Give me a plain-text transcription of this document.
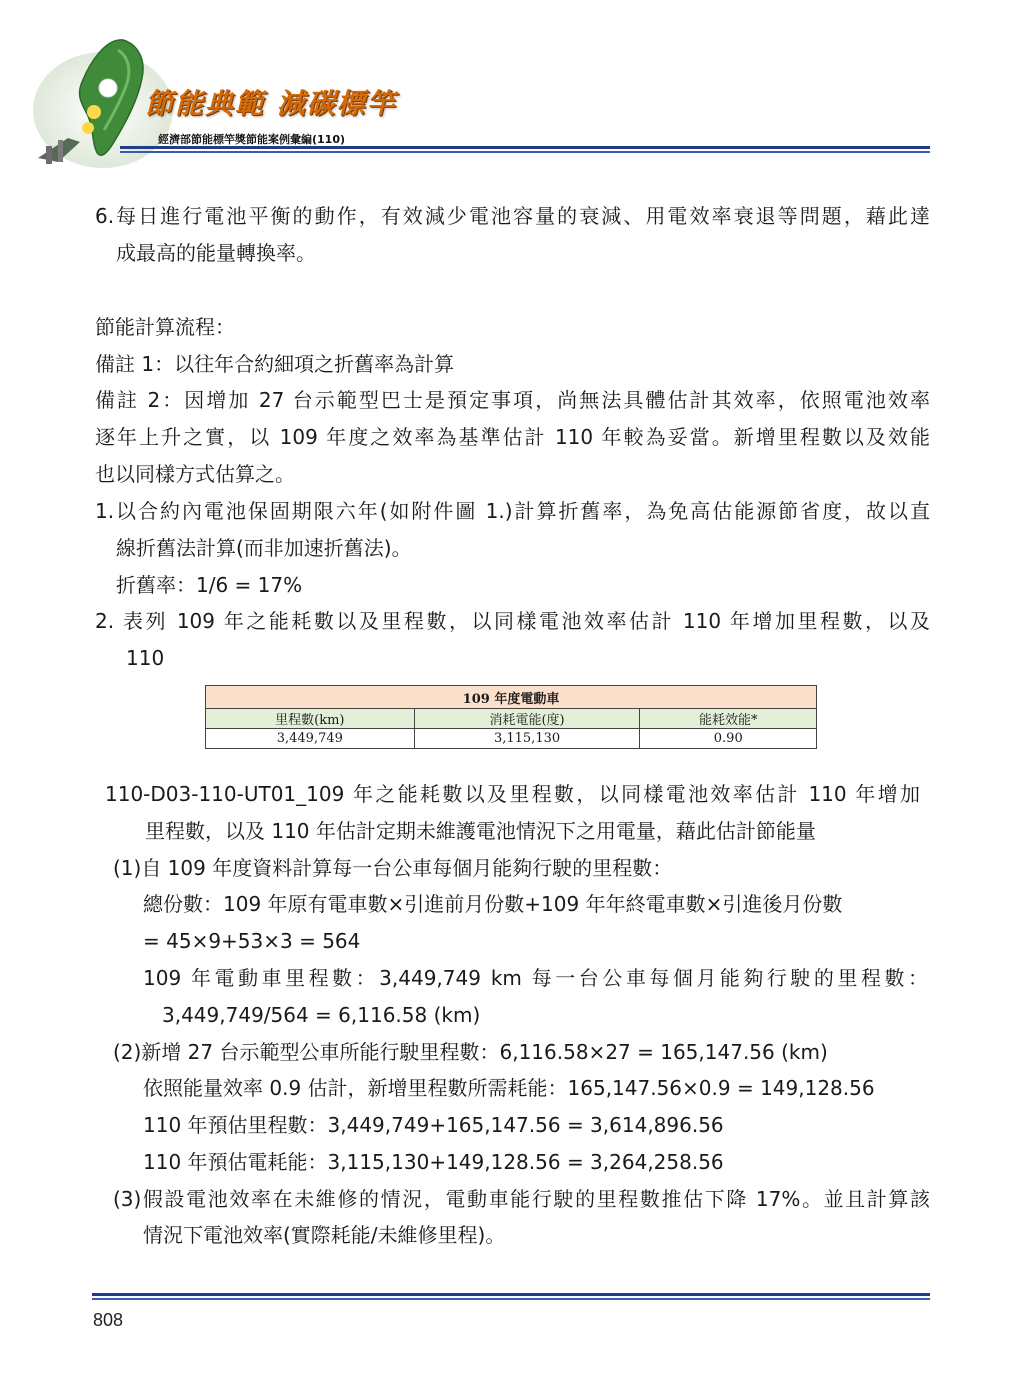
節能典範 減碳標竿
經濟部節能標竿獎節能案例彙編(110)
6.每日進行電池平衡的動作，有效減少電池容量的衰減、用電效率衰退等問題，藉此達
成最高的能量轉換率。
節能計算流程：
備註 1：以往年合約細項之折舊率為計算
備註 2：因增加 27 台示範型巴士是預定事項，尚無法具體估計其效率，依照電池效率
逐年上升之實，以 109 年度之效率為基準估計 110 年較為妥當。新增里程數以及效能
也以同樣方式估算之。
1.以合約內電池保固期限六年(如附件圖 1.)計算折舊率，為免高估能源節省度，故以直
線折舊法計算(而非加速折舊法)。
折舊率：1/6 = 17%
2. 表列 109 年之能耗數以及里程數，以同樣電池效率估計 110 年增加里程數，以及
110
109 年度電動車		
里程數(km)	消耗電能(度)	能耗效能*
3,449,749	3,115,130	0.90
110-D03-110-UT01_109 年之能耗數以及里程數，以同樣電池效率估計 110 年增加
里程數，以及 110 年估計定期未維護電池情況下之用電量，藉此估計節能量
(1)自 109 年度資料計算每一台公車每個月能夠行駛的里程數：
總份數：109 年原有電車數×引進前月份數+109 年年終電車數×引進後月份數
= 45×9+53×3 = 564
109 年電動車里程數：3,449,749 km 每一台公車每個月能夠行駛的里程數：
3,449,749/564 = 6,116.58 (km)
(2)新增 27 台示範型公車所能行駛里程數：6,116.58×27 = 165,147.56 (km)
依照能量效率 0.9 估計，新增里程數所需耗能：165,147.56×0.9 = 149,128.56
110 年預估里程數：3,449,749+165,147.56 = 3,614,896.56
110 年預估電耗能：3,115,130+149,128.56 = 3,264,258.56
(3)假設電池效率在未維修的情況，電動車能行駛的里程數推估下降 17%。並且計算該
情況下電池效率(實際耗能/未維修里程)。
808
